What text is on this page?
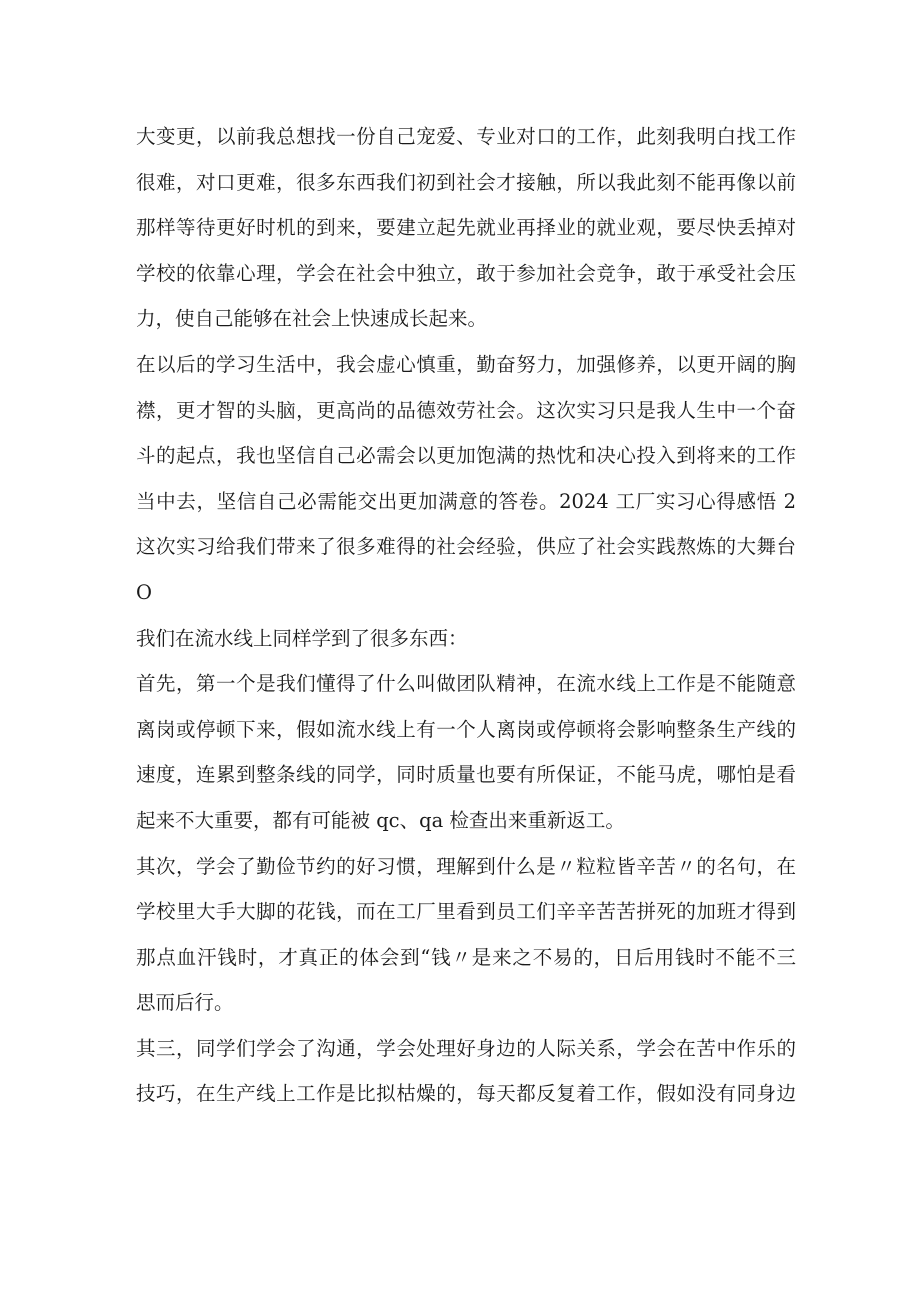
大变更，以前我总想找一份自己宠爱、专业对口的工作，此刻我明白找工作
很难，对口更难，很多东西我们初到社会才接触，所以我此刻不能再像以前
那样等待更好时机的到来，要建立起先就业再择业的就业观，要尽快丢掉对
学校的依靠心理，学会在社会中独立，敢于参加社会竞争，敢于承受社会压
力，使自己能够在社会上快速成长起来。
在以后的学习生活中，我会虚心慎重，勤奋努力，加强修养，以更开阔的胸
襟，更才智的头脑，更高尚的品德效劳社会。这次实习只是我人生中一个奋
斗的起点，我也坚信自己必需会以更加饱满的热忱和决心投入到将来的工作
当中去，坚信自己必需能交出更加满意的答卷。2024 工厂实习心得感悟 2
这次实习给我们带来了很多难得的社会经验，供应了社会实践熬炼的大舞台
O
我们在流水线上同样学到了很多东西：
首先，第一个是我们懂得了什么叫做团队精神，在流水线上工作是不能随意
离岗或停顿下来，假如流水线上有一个人离岗或停顿将会影响整条生产线的
速度，连累到整条线的同学，同时质量也要有所保证，不能马虎，哪怕是看
起来不大重要，都有可能被 qc、qa 检查出来重新返工。
其次，学会了勤俭节约的好习惯，理解到什么是〃粒粒皆辛苦〃的名句，在
学校里大手大脚的花钱，而在工厂里看到员工们辛辛苦苦拼死的加班才得到
那点血汗钱时，才真正的体会到“钱〃是来之不易的，日后用钱时不能不三
思而后行。
其三，同学们学会了沟通，学会处理好身边的人际关系，学会在苦中作乐的
技巧，在生产线上工作是比拟枯燥的，每天都反复着工作，假如没有同身边
